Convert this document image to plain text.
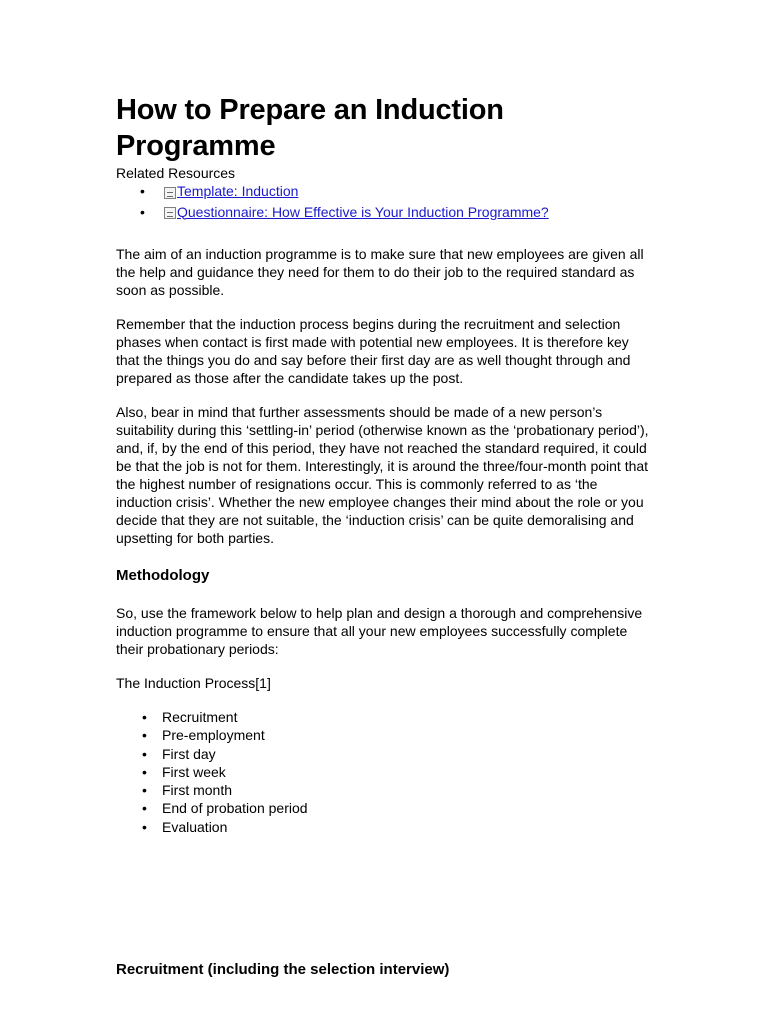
How to Prepare an Induction Programme

Related Resources

• Template: Induction
• Questionnaire: How Effective is Your Induction Programme?

The aim of an induction programme is to make sure that new employees are given all the help and guidance they need for them to do their job to the required standard as soon as possible.

Remember that the induction process begins during the recruitment and selection phases when contact is first made with potential new employees. It is therefore key that the things you do and say before their first day are as well thought through and prepared as those after the candidate takes up the post.

Also, bear in mind that further assessments should be made of a new person’s suitability during this ‘settling-in’ period (otherwise known as the ‘probationary period’), and, if, by the end of this period, they have not reached the standard required, it could be that the job is not for them. Interestingly, it is around the three/four-month point that the highest number of resignations occur. This is commonly referred to as ‘the induction crisis’. Whether the new employee changes their mind about the role or you decide that they are not suitable, the ‘induction crisis’ can be quite demoralising and upsetting for both parties.

Methodology

So, use the framework below to help plan and design a thorough and comprehensive induction programme to ensure that all your new employees successfully complete their probationary periods:

The Induction Process[1]

• Recruitment
• Pre-employment
• First day
• First week
• First month
• End of probation period
• Evaluation
Recruitment (including the selection interview)
